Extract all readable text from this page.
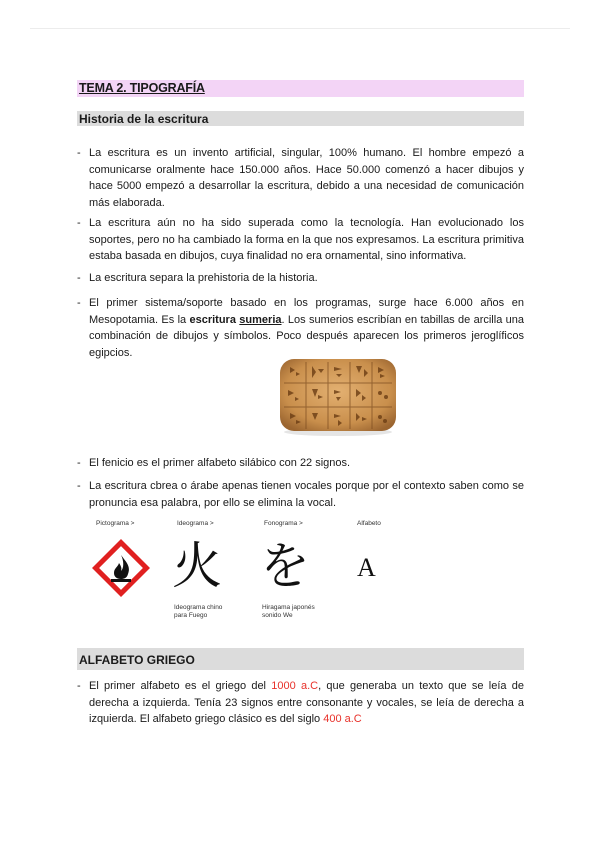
TEMA 2. TIPOGRAFÍA
Historia de la escritura
- La escritura es un invento artificial, singular, 100% humano. El hombre empezó a comunicarse oralmente hace 150.000 años. Hace 50.000 comenzó a hacer dibujos y hace 5000 empezó a desarrollar la escritura, debido a una necesidad de comunicación más elaborada.
- La escritura aún no ha sido superada como la tecnología. Han evolucionado los soportes, pero no ha cambiado la forma en la que nos expresamos. La escritura primitiva estaba basada en dibujos, cuya finalidad no era ornamental, sino informativa.
- La escritura separa la prehistoria de la historia.
- El primer sistema/soporte basado en los programas, surge hace 6.000 años en Mesopotamia. Es la escritura sumeria. Los sumerios escribían en tabillas de arcilla una combinación de dibujos y símbolos. Poco después aparecen los primeros jeroglíficos egipcios.
- El fenicio es el primer alfabeto silábico con 22 signos.
- La escritura cbrea o árabe apenas tienen vocales porque por el contexto saben como se pronuncia esa palabra, por ello se elimina la vocal.
Pictograma >	Ideograma >	Fonograma >	Alfabeto
火
Ideograma chino
para Fuego
を
Hiragama japonés
sonido We
A
ALFABETO GRIEGO
- El primer alfabeto es el griego del 1000 a.C, que generaba un texto que se leía de derecha a izquierda. Tenía 23 signos entre consonante y vocales, se leía de derecha a izquierda. El alfabeto griego clásico es del siglo 400 a.C
